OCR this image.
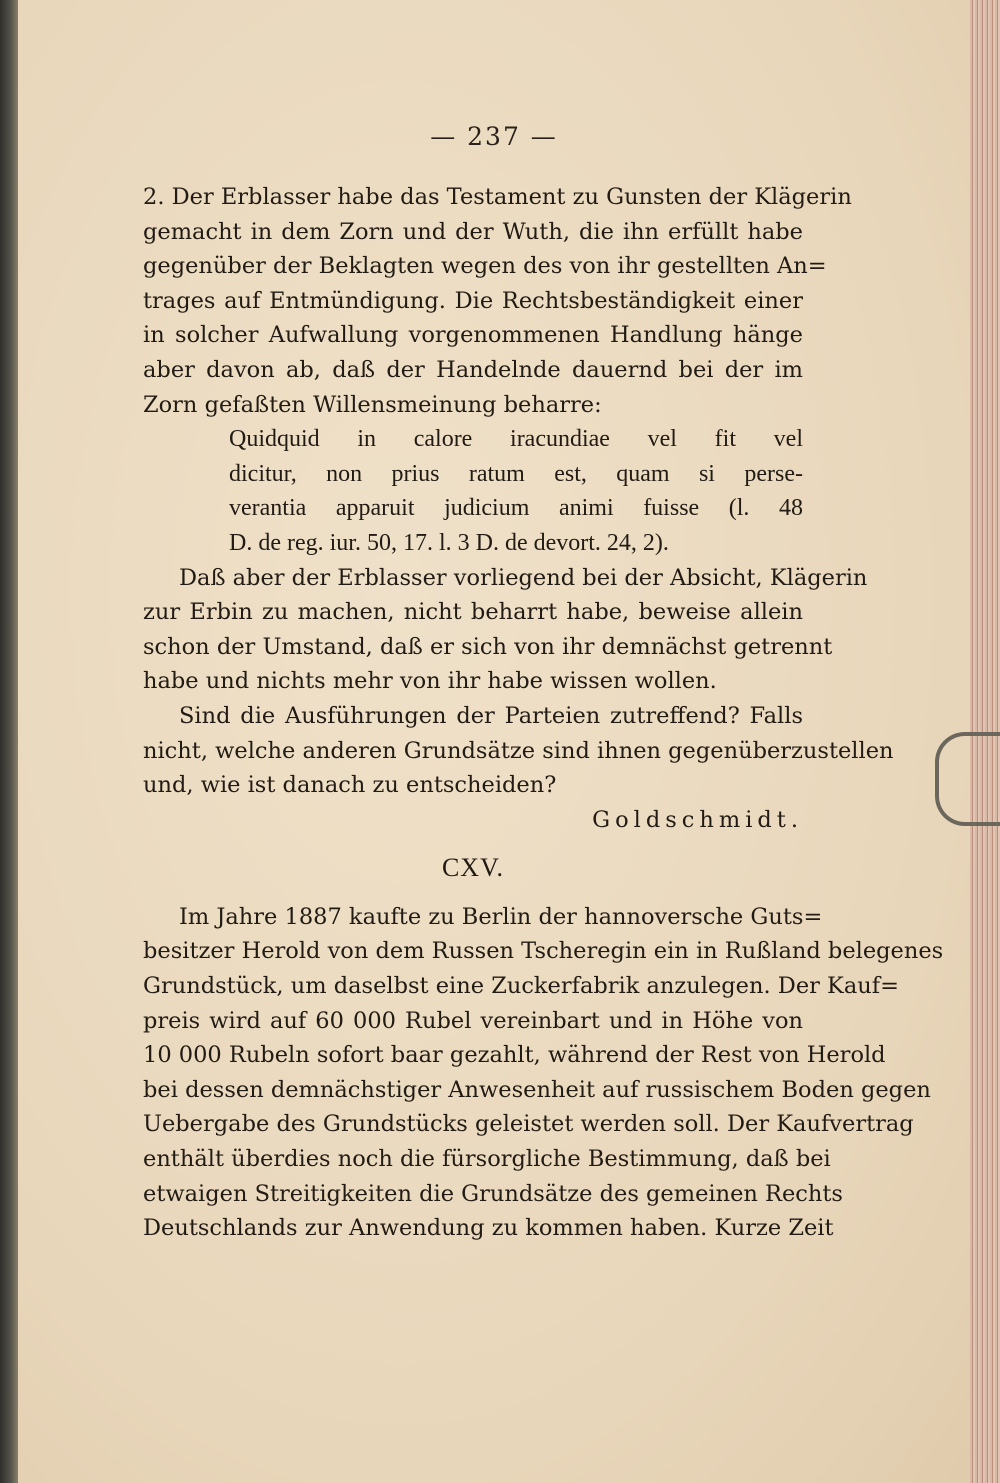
— 237 —
2. Der Erblasser habe das Testament zu Gunsten der Klägerin
gemacht in dem Zorn und der Wuth, die ihn erfüllt habe
gegenüber der Beklagten wegen des von ihr gestellten An=
trages auf Entmündigung. Die Rechtsbeständigkeit einer
in solcher Aufwallung vorgenommenen Handlung hänge
aber davon ab, daß der Handelnde dauernd bei der im
Zorn gefaßten Willensmeinung beharre:
Quidquid in calore iracundiae vel fit vel
dicitur, non prius ratum est, quam si perse-
verantia apparuit judicium animi fuisse (l. 48
D. de reg. iur. 50, 17. l. 3 D. de devort. 24, 2).
Daß aber der Erblasser vorliegend bei der Absicht, Klägerin
zur Erbin zu machen, nicht beharrt habe, beweise allein
schon der Umstand, daß er sich von ihr demnächst getrennt
habe und nichts mehr von ihr habe wissen wollen.
Sind die Ausführungen der Parteien zutreffend? Falls
nicht, welche anderen Grundsätze sind ihnen gegenüberzustellen
und, wie ist danach zu entscheiden?
Goldschmidt.
CXV.
Im Jahre 1887 kaufte zu Berlin der hannoversche Guts=
besitzer Herold von dem Russen Tscheregin ein in Rußland belegenes
Grundstück, um daselbst eine Zuckerfabrik anzulegen. Der Kauf=
preis wird auf 60 000 Rubel vereinbart und in Höhe von
10 000 Rubeln sofort baar gezahlt, während der Rest von Herold
bei dessen demnächstiger Anwesenheit auf russischem Boden gegen
Uebergabe des Grundstücks geleistet werden soll. Der Kaufvertrag
enthält überdies noch die fürsorgliche Bestimmung, daß bei
etwaigen Streitigkeiten die Grundsätze des gemeinen Rechts
Deutschlands zur Anwendung zu kommen haben. Kurze Zeit
